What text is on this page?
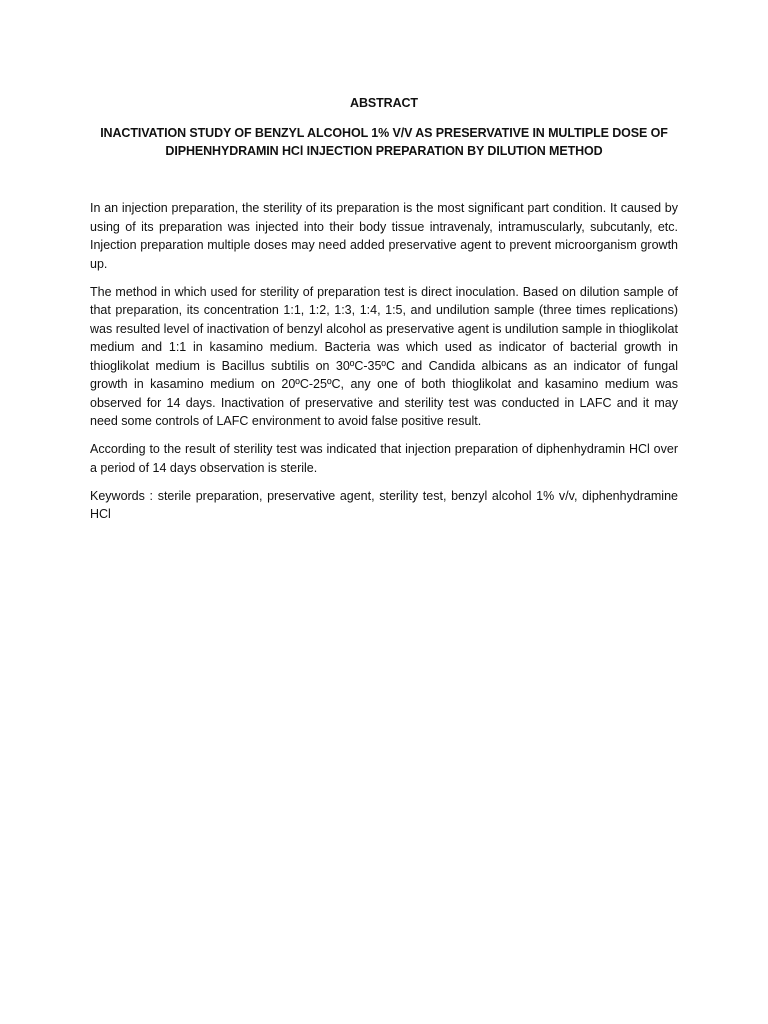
ABSTRACT
INACTIVATION STUDY OF BENZYL ALCOHOL 1% V/V AS PRESERVATIVE IN MULTIPLE DOSE OF DIPHENHYDRAMIN HCl INJECTION PREPARATION BY DILUTION METHOD

In an injection preparation, the sterility of its preparation is the most significant part condition. It caused by using of its preparation was injected into their body tissue intravenaly, intramuscularly, subcutanly, etc. Injection preparation multiple doses may need added preservative agent to prevent microorganism growth up.

The method in which used for sterility of preparation test is direct inoculation. Based on dilution sample of that preparation, its concentration 1:1, 1:2, 1:3, 1:4, 1:5, and undilution sample (three times replications) was resulted level of inactivation of benzyl alcohol as preservative agent is undilution sample in thioglikolat medium and 1:1 in kasamino medium. Bacteria was which used as indicator of bacterial growth in thioglikolat medium is Bacillus subtilis on 30ºC-35ºC and Candida albicans as an indicator of fungal growth in kasamino medium on 20ºC-25ºC, any one of both thioglikolat and kasamino medium was observed for 14 days. Inactivation of preservative and sterility test was conducted in LAFC and it may need some controls of LAFC environment to avoid false positive result.

According to the result of sterility test was indicated that injection preparation of diphenhydramin HCl over a period of 14 days observation is sterile.

Keywords : sterile preparation, preservative agent, sterility test, benzyl alcohol 1% v/v, diphenhydramine HCl
